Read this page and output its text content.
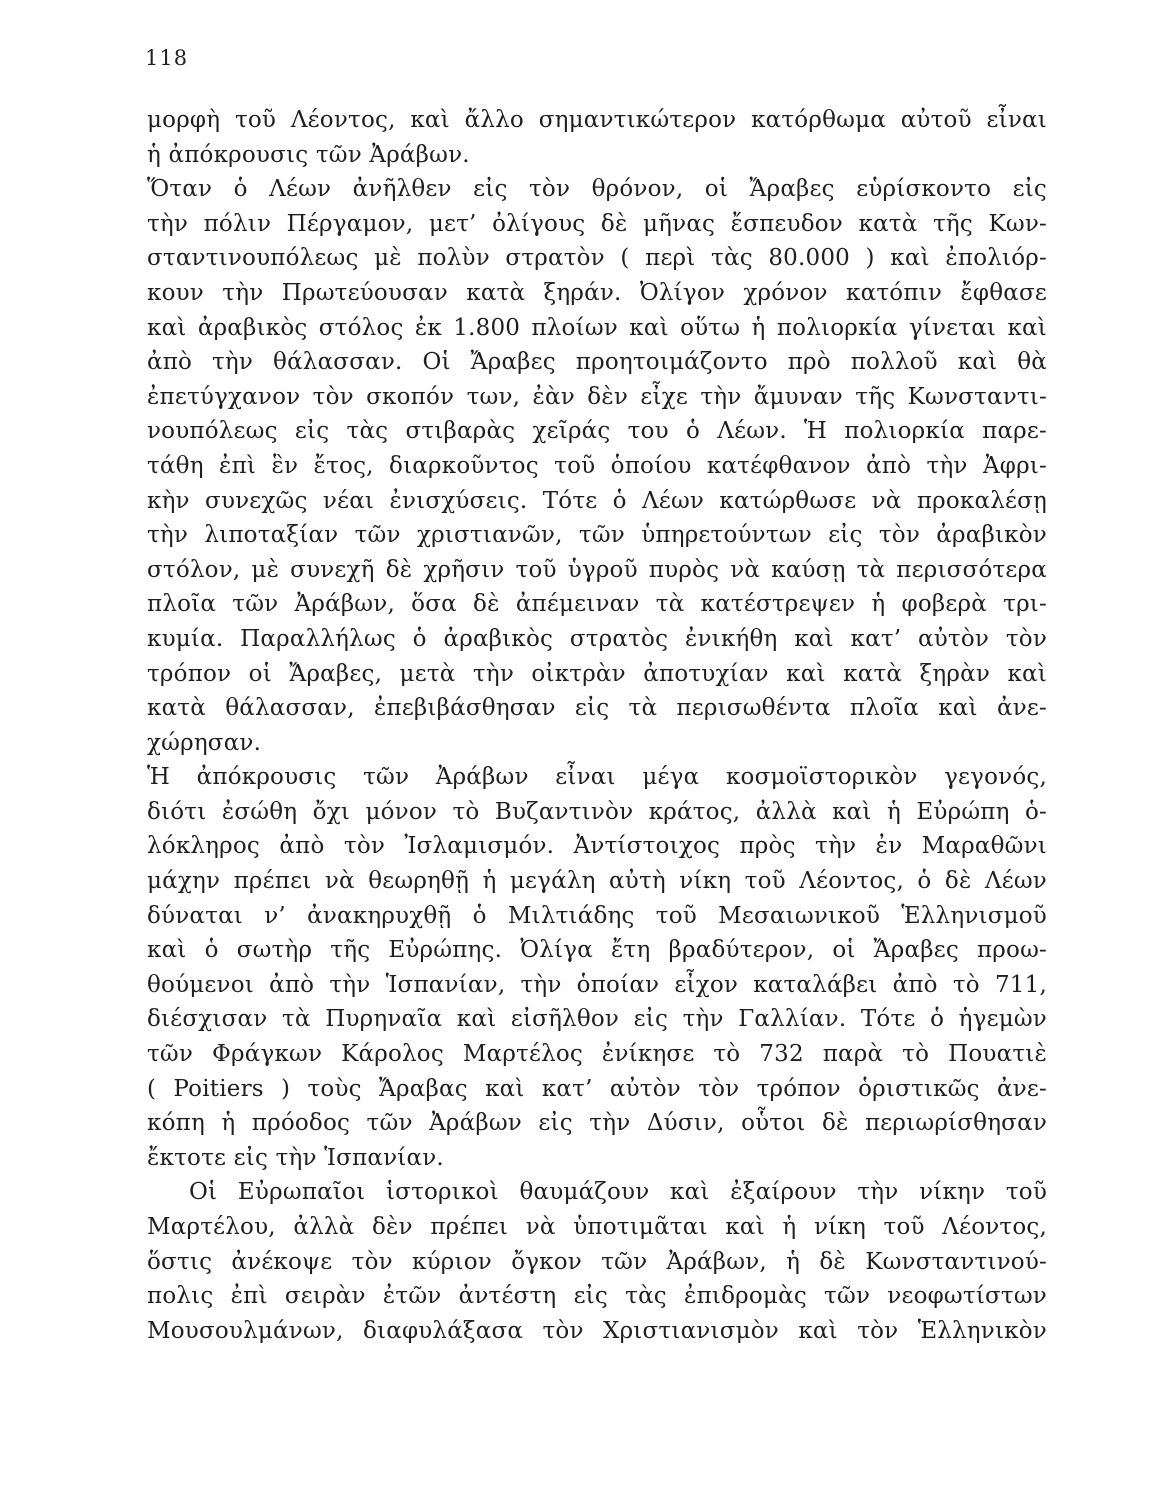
118
μορφὴ τοῦ Λέοντος, καὶ ἄλλο σημαντικώτερον κατόρθωμα αὐτοῦ εἶναι
ἡ ἀπόκρουσις τῶν Ἀράβων.
Ὅταν ὁ Λέων ἀνῆλθεν εἰς τὸν θρόνον, οἱ Ἄραβες εὑρίσκοντο εἰς
τὴν πόλιν Πέργαμον, μετ’ ὀλίγους δὲ μῆνας ἔσπευδον κατὰ τῆς Κων-
σταντινουπόλεως μὲ πολὺν στρατὸν ( περὶ τὰς 80.000 ) καὶ ἐπολιόρ-
κουν τὴν Πρωτεύουσαν κατὰ ξηράν. Ὀλίγον χρόνον κατόπιν ἔφθασε
καὶ ἀραβικὸς στόλος ἐκ 1.800 πλοίων καὶ οὕτω ἡ πολιορκία γίνεται καὶ
ἀπὸ τὴν θάλασσαν. Οἱ Ἄραβες προητοιμάζοντο πρὸ πολλοῦ καὶ θὰ
ἐπετύγχανον τὸν σκοπόν των, ἐὰν δὲν εἶχε τὴν ἄμυναν τῆς Κωνσταντι-
νουπόλεως εἰς τὰς στιβαρὰς χεῖράς του ὁ Λέων. Ἡ πολιορκία παρε-
τάθη ἐπὶ ἓν ἔτος, διαρκοῦντος τοῦ ὁποίου κατέφθανον ἀπὸ τὴν Ἀφρι-
κὴν συνεχῶς νέαι ἐνισχύσεις. Τότε ὁ Λέων κατώρθωσε νὰ προκαλέσῃ
τὴν λιποταξίαν τῶν χριστιανῶν, τῶν ὑπηρετούντων εἰς τὸν ἀραβικὸν
στόλον, μὲ συνεχῆ δὲ χρῆσιν τοῦ ὑγροῦ πυρὸς νὰ καύσῃ τὰ περισσότερα
πλοῖα τῶν Ἀράβων, ὅσα δὲ ἀπέμειναν τὰ κατέστρεψεν ἡ φοβερὰ τρι-
κυμία. Παραλλήλως ὁ ἀραβικὸς στρατὸς ἐνικήθη καὶ κατ’ αὐτὸν τὸν
τρόπον οἱ Ἄραβες, μετὰ τὴν οἰκτρὰν ἀποτυχίαν καὶ κατὰ ξηρὰν καὶ
κατὰ θάλασσαν, ἐπεβιβάσθησαν εἰς τὰ περισωθέντα πλοῖα καὶ ἀνε-
χώρησαν.
Ἡ ἀπόκρουσις τῶν Ἀράβων εἶναι μέγα κοσμοϊστορικὸν γεγονός,
διότι ἐσώθη ὄχι μόνον τὸ Βυζαντινὸν κράτος, ἀλλὰ καὶ ἡ Εὐρώπη ὁ-
λόκληρος ἀπὸ τὸν Ἰσλαμισμόν. Ἀντίστοιχος πρὸς τὴν ἐν Μαραθῶνι
μάχην πρέπει νὰ θεωρηθῇ ἡ μεγάλη αὐτὴ νίκη τοῦ Λέοντος, ὁ δὲ Λέων
δύναται ν’ ἀνακηρυχθῇ ὁ Μιλτιάδης τοῦ Μεσαιωνικοῦ Ἑλληνισμοῦ
καὶ ὁ σωτὴρ τῆς Εὐρώπης. Ὀλίγα ἔτη βραδύτερον, οἱ Ἄραβες προω-
θούμενοι ἀπὸ τὴν Ἱσπανίαν, τὴν ὁποίαν εἶχον καταλάβει ἀπὸ τὸ 711,
διέσχισαν τὰ Πυρηναῖα καὶ εἰσῆλθον εἰς τὴν Γαλλίαν. Τότε ὁ ἡγεμὼν
τῶν Φράγκων Κάρολος Μαρτέλος ἐνίκησε τὸ 732 παρὰ τὸ Πουατιὲ
( Poitiers ) τοὺς Ἄραβας καὶ κατ’ αὐτὸν τὸν τρόπον ὁριστικῶς ἀνε-
κόπη ἡ πρόοδος τῶν Ἀράβων εἰς τὴν Δύσιν, οὗτοι δὲ περιωρίσθησαν
ἔκτοτε εἰς τὴν Ἱσπανίαν.
Οἱ Εὐρωπαῖοι ἱστορικοὶ θαυμάζουν καὶ ἐξαίρουν τὴν νίκην τοῦ
Μαρτέλου, ἀλλὰ δὲν πρέπει νὰ ὑποτιμᾶται καὶ ἡ νίκη τοῦ Λέοντος,
ὅστις ἀνέκοψε τὸν κύριον ὄγκον τῶν Ἀράβων, ἡ δὲ Κωνσταντινού-
πολις ἐπὶ σειρὰν ἐτῶν ἀντέστη εἰς τὰς ἐπιδρομὰς τῶν νεοφωτίστων
Μουσουλμάνων, διαφυλάξασα τὸν Χριστιανισμὸν καὶ τὸν Ἑλληνικὸν
